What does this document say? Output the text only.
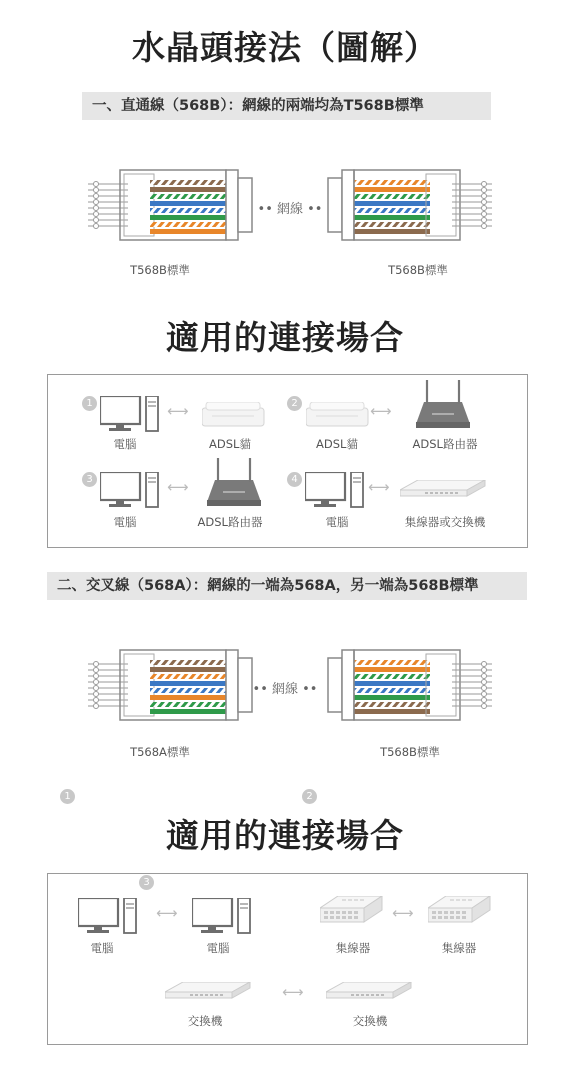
水晶頭接法（圖解）
一、直通線（568B）：網線的兩端均為T568B標準
•• 網線 ••
T568B標準	T568B標準
適用的連接場合
1	2
3	4
⟷	⟷
電腦	ADSL貓	ADSL貓	ADSL路由器
⟷	⟷
電腦	ADSL路由器	電腦	集線器或交換機
二、交叉線（568A）：網線的一端為568A，另一端為568B標準
•• 網線 ••
T568A標準	T568B標準
1	2
適用的連接場合
3
⟷	⟷
電腦	電腦	集線器	集線器
⟷
交換機	交換機
